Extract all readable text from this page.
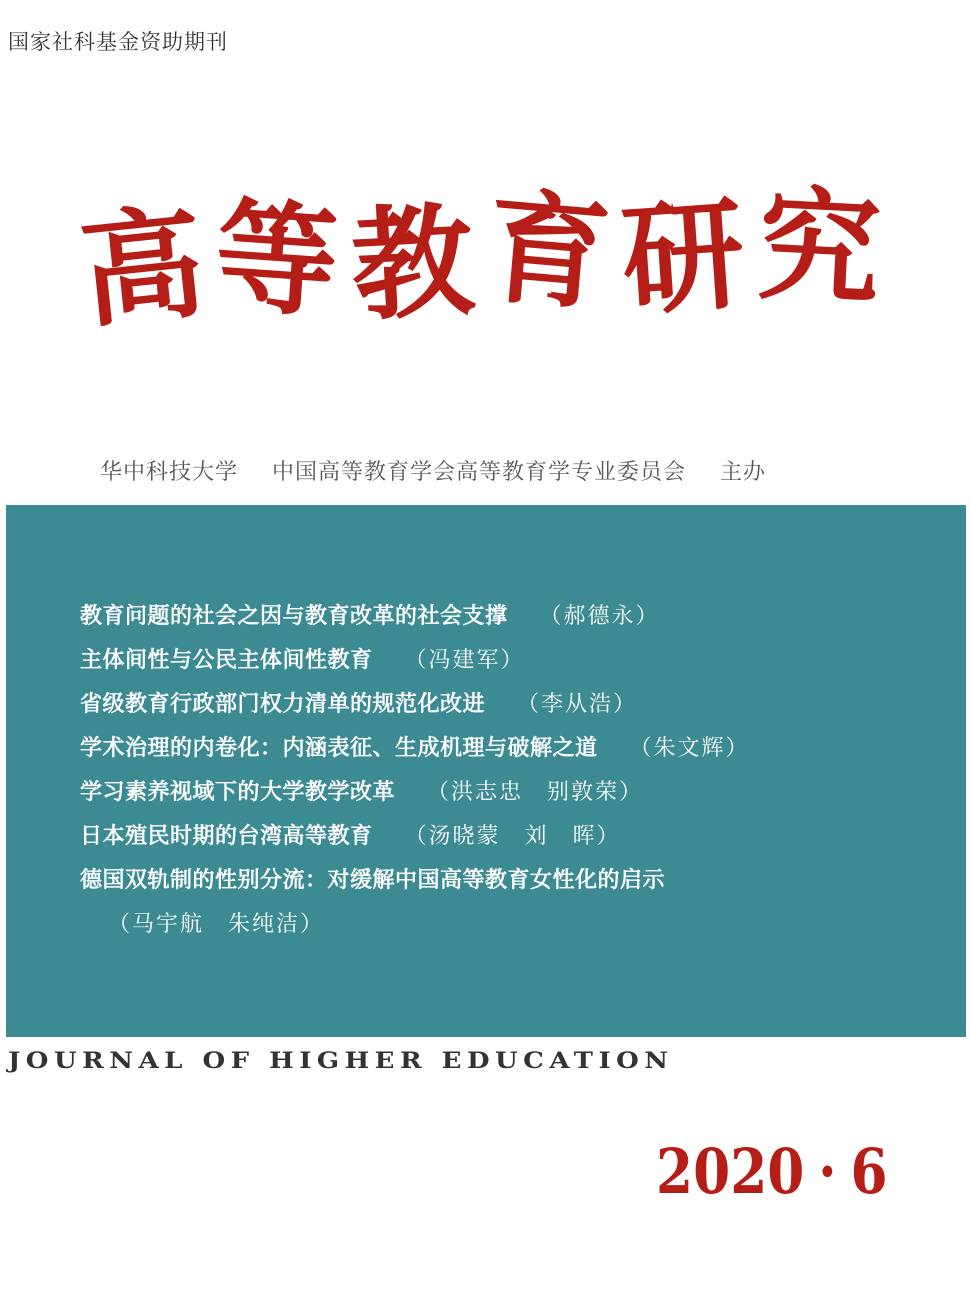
国家社科基金资助期刊
高 等 教 育 研 究
华中科技大学 中国高等教育学会高等教育学专业委员会 主办
教育问题的社会之因与教育改革的社会支撑 （郝德永）
主体间性与公民主体间性教育 （冯建军）
省级教育行政部门权力清单的规范化改进 （李从浩）
学术治理的内卷化：内涵表征、生成机理与破解之道 （朱文辉）
学习素养视域下的大学教学改革 （洪志忠　别敦荣）
日本殖民时期的台湾高等教育 （汤晓蒙　刘　晖）
德国双轨制的性别分流：对缓解中国高等教育女性化的启示
（马宇航　朱纯洁）
JOURNAL OF HIGHER EDUCATION
2020 · 6
